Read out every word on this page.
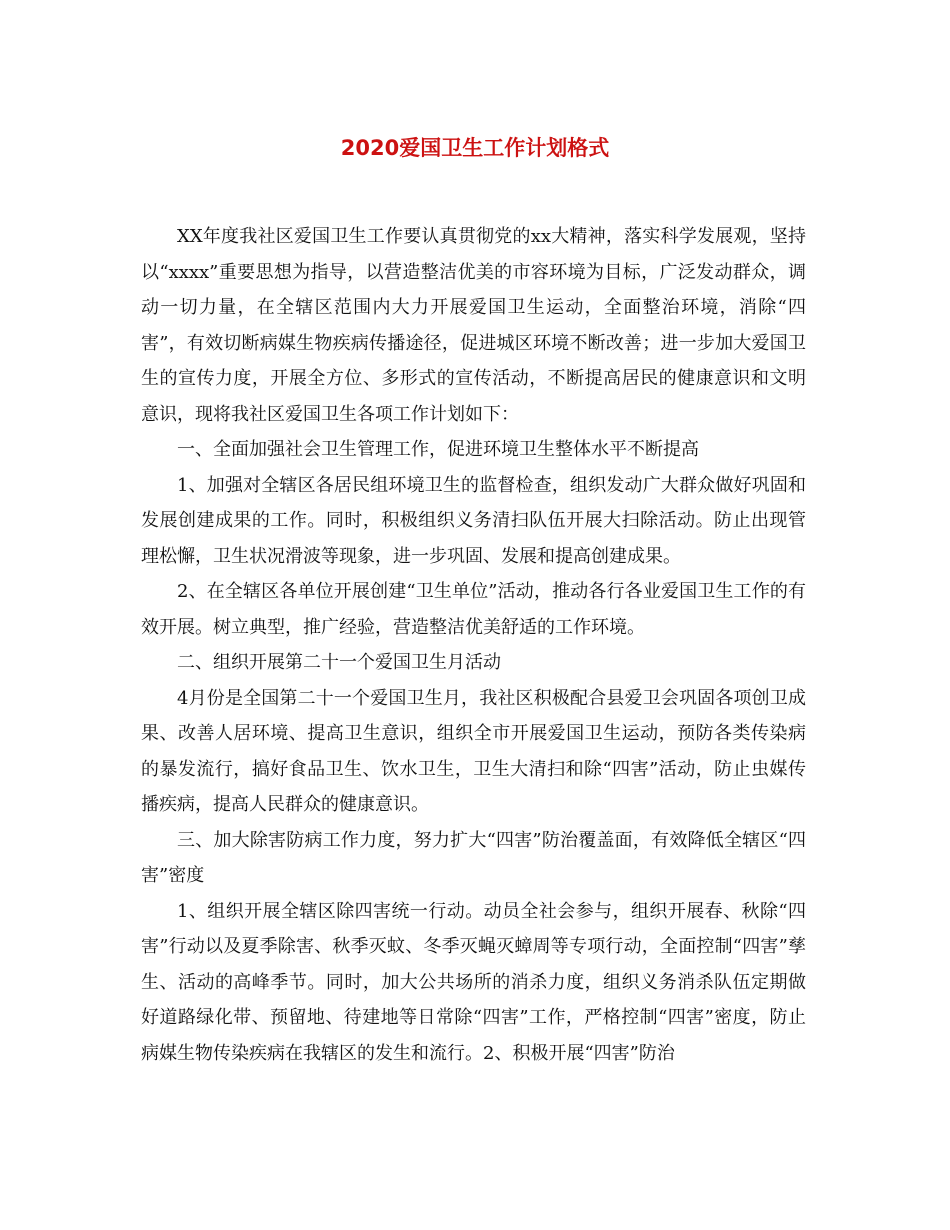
2020爱国卫生工作计划格式

XX年度我社区爱国卫生工作要认真贯彻党的xx大精神，落实科学发展观，坚持以“xxxx”重要思想为指导，以营造整洁优美的市容环境为目标，广泛发动群众，调动一切力量，在全辖区范围内大力开展爱国卫生运动，全面整治环境，消除“四害”，有效切断病媒生物疾病传播途径，促进城区环境不断改善；进一步加大爱国卫生的宣传力度，开展全方位、多形式的宣传活动，不断提高居民的健康意识和文明意识，现将我社区爱国卫生各项工作计划如下：

一、全面加强社会卫生管理工作，促进环境卫生整体水平不断提高

1、加强对全辖区各居民组环境卫生的监督检查，组织发动广大群众做好巩固和发展创建成果的工作。同时，积极组织义务清扫队伍开展大扫除活动。防止出现管理松懈，卫生状况滑波等现象，进一步巩固、发展和提高创建成果。

2、在全辖区各单位开展创建“卫生单位”活动，推动各行各业爱国卫生工作的有效开展。树立典型，推广经验，营造整洁优美舒适的工作环境。

二、组织开展第二十一个爱国卫生月活动

4月份是全国第二十一个爱国卫生月，我社区积极配合县爱卫会巩固各项创卫成果、改善人居环境、提高卫生意识，组织全市开展爱国卫生运动，预防各类传染病的暴发流行，搞好食品卫生、饮水卫生，卫生大清扫和除“四害”活动，防止虫媒传播疾病，提高人民群众的健康意识。

三、加大除害防病工作力度，努力扩大“四害”防治覆盖面，有效降低全辖区“四害”密度

1、组织开展全辖区除四害统一行动。动员全社会参与，组织开展春、秋除“四害”行动以及夏季除害、秋季灭蚊、冬季灭蝇灭蟑周等专项行动，全面控制“四害”孳生、活动的高峰季节。同时，加大公共场所的消杀力度，组织义务消杀队伍定期做好道路绿化带、预留地、待建地等日常除“四害”工作，严格控制“四害”密度，防止病媒生物传染疾病在我辖区的发生和流行。2、积极开展“四害”防治
